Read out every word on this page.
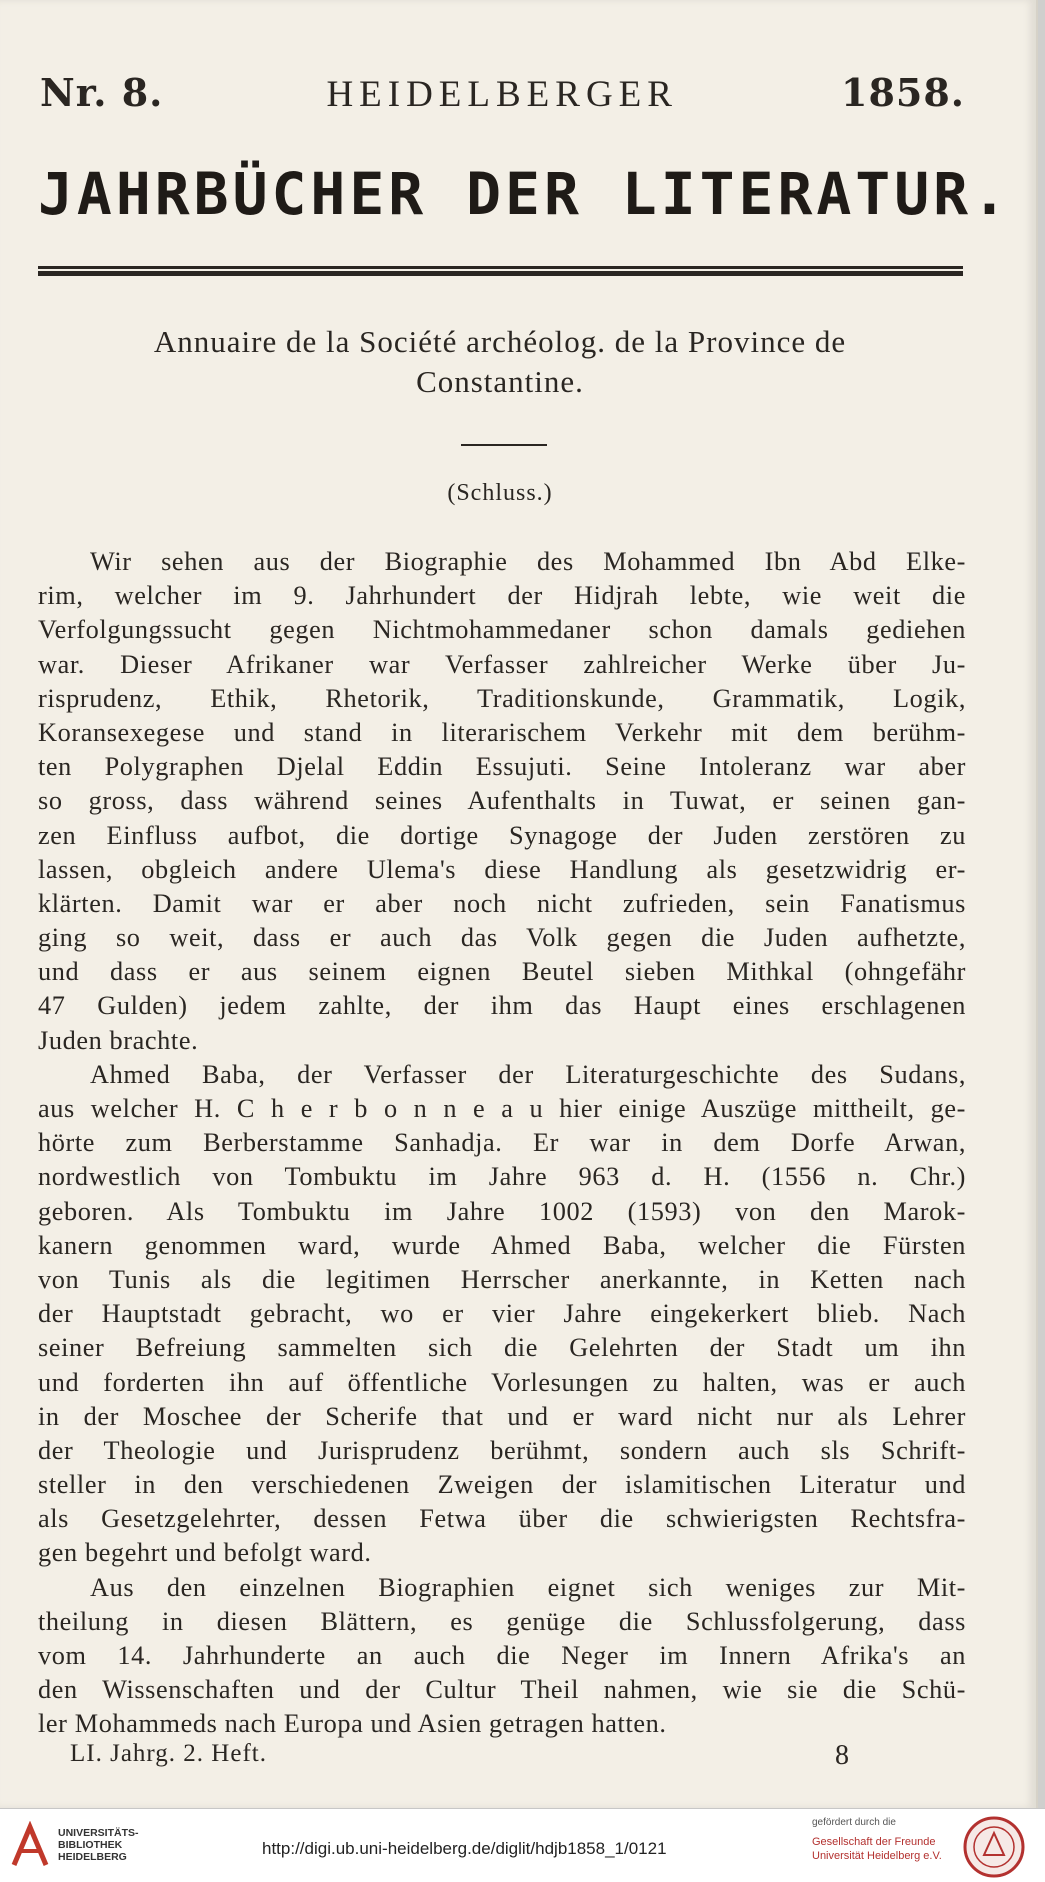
Nr. 8.	HEIDELBERGER	1858.
JAHRBÜCHER DER LITERATUR.
Annuaire de la Société archéolog. de la Province de
Constantine.
(Schluss.)
Wir sehen aus der Biographie des Mohammed Ibn Abd Elke-
rim, welcher im 9. Jahrhundert der Hidjrah lebte, wie weit die
Verfolgungssucht gegen Nichtmohammedaner schon damals gediehen
war. Dieser Afrikaner war Verfasser zahlreicher Werke über Ju-
risprudenz, Ethik, Rhetorik, Traditionskunde, Grammatik, Logik,
Koransexegese und stand in literarischem Verkehr mit dem berühm-
ten Polygraphen Djelal Eddin Essujuti. Seine Intoleranz war aber
so gross, dass während seines Aufenthalts in Tuwat, er seinen gan-
zen Einfluss aufbot, die dortige Synagoge der Juden zerstören zu
lassen, obgleich andere Ulema's diese Handlung als gesetzwidrig er-
klärten. Damit war er aber noch nicht zufrieden, sein Fanatismus
ging so weit, dass er auch das Volk gegen die Juden aufhetzte,
und dass er aus seinem eignen Beutel sieben Mithkal (ohngefähr
47 Gulden) jedem zahlte, der ihm das Haupt eines erschlagenen
Juden brachte.
Ahmed Baba, der Verfasser der Literaturgeschichte des Sudans,
aus welcher H. C h e r b o n n e a u hier einige Auszüge mittheilt, ge-
hörte zum Berberstamme Sanhadja. Er war in dem Dorfe Arwan,
nordwestlich von Tombuktu im Jahre 963 d. H. (1556 n. Chr.)
geboren. Als Tombuktu im Jahre 1002 (1593) von den Marok-
kanern genommen ward, wurde Ahmed Baba, welcher die Fürsten
von Tunis als die legitimen Herrscher anerkannte, in Ketten nach
der Hauptstadt gebracht, wo er vier Jahre eingekerkert blieb. Nach
seiner Befreiung sammelten sich die Gelehrten der Stadt um ihn
und forderten ihn auf öffentliche Vorlesungen zu halten, was er auch
in der Moschee der Scherife that und er ward nicht nur als Lehrer
der Theologie und Jurisprudenz berühmt, sondern auch sls Schrift-
steller in den verschiedenen Zweigen der islamitischen Literatur und
als Gesetzgelehrter, dessen Fetwa über die schwierigsten Rechtsfra-
gen begehrt und befolgt ward.
Aus den einzelnen Biographien eignet sich weniges zur Mit-
theilung in diesen Blättern, es genüge die Schlussfolgerung, dass
vom 14. Jahrhunderte an auch die Neger im Innern Afrika's an
den Wissenschaften und der Cultur Theil nahmen, wie sie die Schü-
ler Mohammeds nach Europa und Asien getragen hatten.
LI. Jahrg. 2. Heft.	8
UNIVERSITÄTS-
BIBLIOTHEK
HEIDELBERG	http://digi.ub.uni-heidelberg.de/diglit/hdjb1858_1/0121
gefördert durch die
Gesellschaft der Freunde
Universität Heidelberg e.V.
